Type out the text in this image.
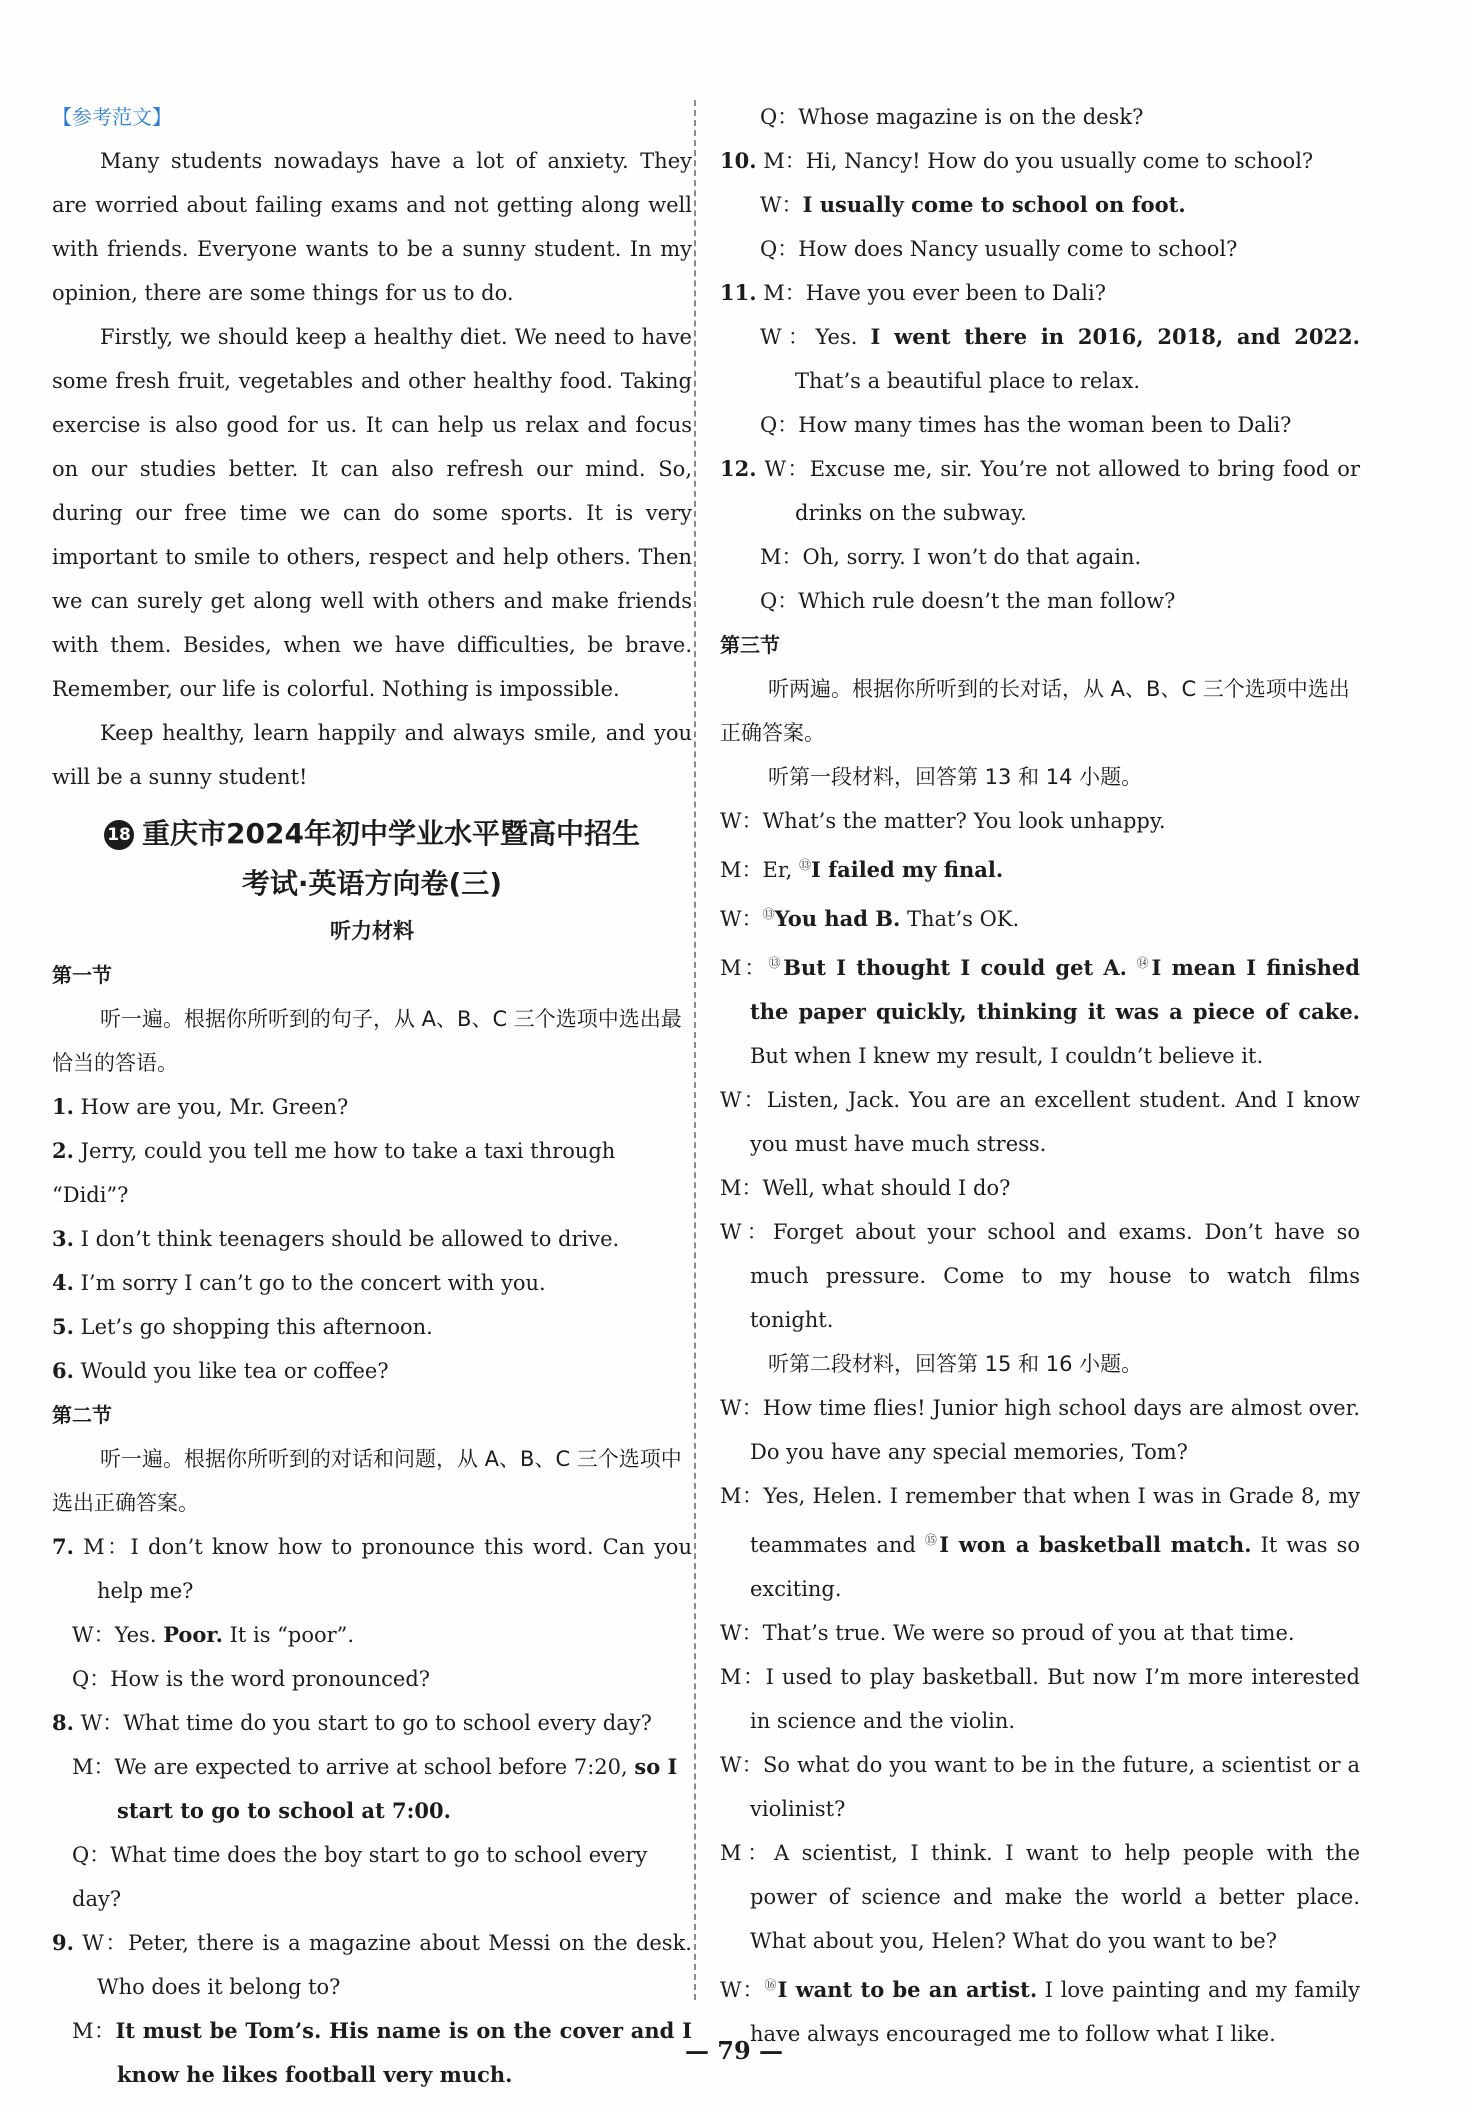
【参考范文】

Many students nowadays have a lot of anxiety. They are worried about failing exams and not getting along well with friends. Everyone wants to be a sunny student. In my opinion, there are some things for us to do.

Firstly, we should keep a healthy diet. We need to have some fresh fruit, vegetables and other healthy food. Taking exercise is also good for us. It can help us relax and focus on our studies better. It can also refresh our mind. So, during our free time we can do some sports. It is very important to smile to others, respect and help others. Then we can surely get along well with others and make friends with them. Besides, when we have difficulties, be brave. Remember, our life is colorful. Nothing is impossible.

Keep healthy, learn happily and always smile, and you will be a sunny student!

18 重庆市2024年初中学业水平暨高中招生
考试·英语方向卷(三)
听力材料
第一节

听一遍。根据你所听到的句子，从 A、B、C 三个选项中选出最恰当的答语。

1. How are you, Mr. Green?

2. Jerry, could you tell me how to take a taxi through “Didi”?

3. I don’t think teenagers should be allowed to drive.

4. I’m sorry I can’t go to the concert with you.

5. Let’s go shopping this afternoon.

6. Would you like tea or coffee?

第二节

听一遍。根据你所听到的对话和问题，从 A、B、C 三个选项中选出正确答案。

7. M：I don’t know how to pronounce this word. Can you help me?

W：Yes. Poor. It is “poor”.

Q：How is the word pronounced?

8. W：What time do you start to go to school every day?

M：We are expected to arrive at school before 7:20, so I start to go to school at 7:00.

Q：What time does the boy start to go to school every day?

9. W：Peter, there is a magazine about Messi on the desk. Who does it belong to?

M：It must be Tom’s. His name is on the cover and I know he likes football very much.

Q：Whose magazine is on the desk?

10. M：Hi, Nancy! How do you usually come to school?

W：I usually come to school on foot.

Q：How does Nancy usually come to school?

11. M：Have you ever been to Dali?

W：Yes. I went there in 2016, 2018, and 2022. That’s a beautiful place to relax.

Q：How many times has the woman been to Dali?

12. W：Excuse me, sir. You’re not allowed to bring food or drinks on the subway.

M：Oh, sorry. I won’t do that again.

Q：Which rule doesn’t the man follow?

第三节

听两遍。根据你所听到的长对话，从 A、B、C 三个选项中选出正确答案。

听第一段材料，回答第 13 和 14 小题。

W：What’s the matter? You look unhappy.

M：Er, ⑬I failed my final.

W：⑬You had B. That’s OK.

M：⑬But I thought I could get A. ⑭I mean I finished the paper quickly, thinking it was a piece of cake. But when I knew my result, I couldn’t believe it.

W：Listen, Jack. You are an excellent student. And I know you must have much stress.

M：Well, what should I do?

W：Forget about your school and exams. Don’t have so much pressure. Come to my house to watch films tonight.

听第二段材料，回答第 15 和 16 小题。

W：How time flies! Junior high school days are almost over. Do you have any special memories, Tom?

M：Yes, Helen. I remember that when I was in Grade 8, my teammates and ⑮I won a basketball match. It was so exciting.

W：That’s true. We were so proud of you at that time.

M：I used to play basketball. But now I’m more interested in science and the violin.

W：So what do you want to be in the future, a scientist or a violinist?

M：A scientist, I think. I want to help people with the power of science and make the world a better place. What about you, Helen? What do you want to be?

W：⑯I want to be an artist. I love painting and my family have always encouraged me to follow what I like.

— 79 —
